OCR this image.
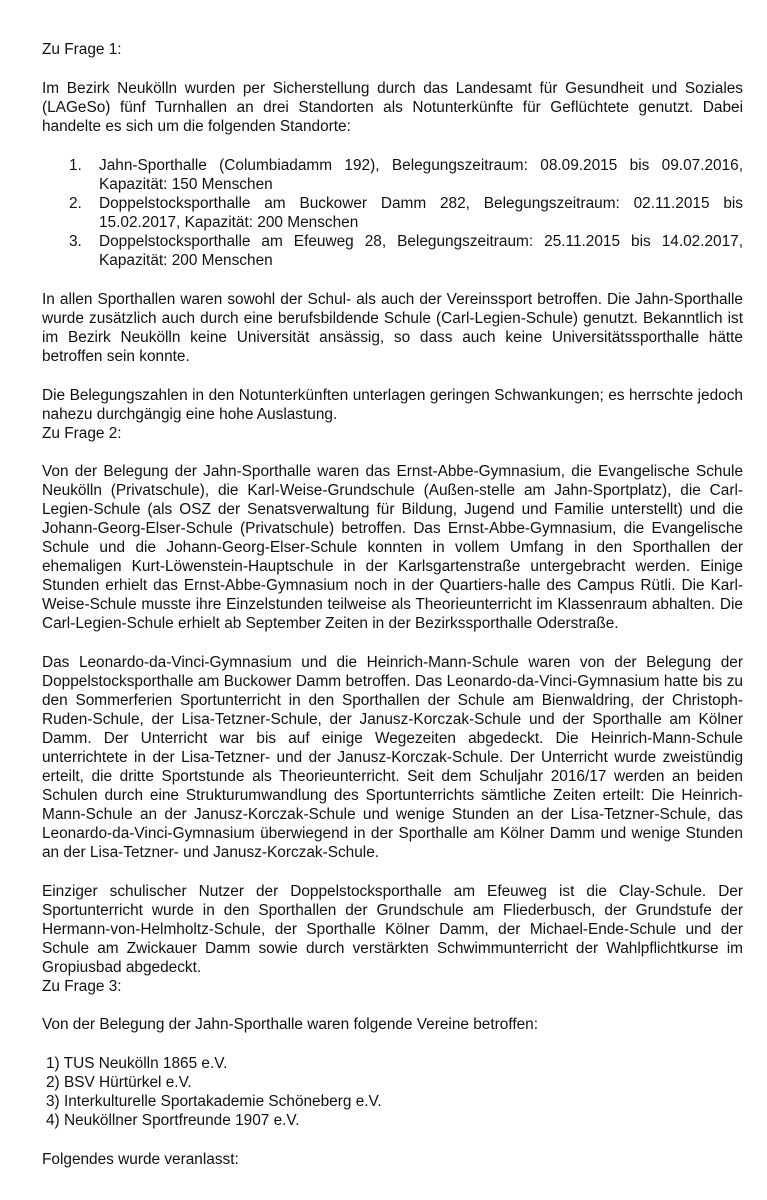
Zu Frage 1:

Im Bezirk Neukölln wurden per Sicherstellung durch das Landesamt für Gesundheit und Soziales (LAGeSo) fünf Turnhallen an drei Standorten als Notunterkünfte für Geflüchtete genutzt. Dabei handelte es sich um die folgenden Standorte:

1.	Jahn-Sporthalle (Columbiadamm 192), Belegungszeitraum: 08.09.2015 bis 09.07.2016, Kapazität: 150 Menschen
2.	Doppelstocksporthalle am Buckower Damm 282, Belegungszeitraum: 02.11.2015 bis 15.02.2017, Kapazität: 200 Menschen
3.	Doppelstocksporthalle am Efeuweg 28, Belegungszeitraum: 25.11.2015 bis 14.02.2017, Kapazität: 200 Menschen

In allen Sporthallen waren sowohl der Schul- als auch der Vereinssport betroffen. Die Jahn-Sporthalle wurde zusätzlich auch durch eine berufsbildende Schule (Carl-Legien-Schule) genutzt. Bekanntlich ist im Bezirk Neukölln keine Universität ansässig, so dass auch keine Universitätssporthalle hätte betroffen sein konnte.

Die Belegungszahlen in den Notunterkünften unterlagen geringen Schwankungen; es herrschte jedoch nahezu durchgängig eine hohe Auslastung.

Zu Frage 2:

Von der Belegung der Jahn-Sporthalle waren das Ernst-Abbe-Gymnasium, die Evangelische Schule Neukölln (Privatschule), die Karl-Weise-Grundschule (Außen-stelle am Jahn-Sportplatz), die Carl-Legien-Schule (als OSZ der Senatsverwaltung für Bildung, Jugend und Familie unterstellt) und die Johann-Georg-Elser-Schule (Privatschule) betroffen. Das Ernst-Abbe-Gymnasium, die Evangelische Schule und die Johann-Georg-Elser-Schule konnten in vollem Umfang in den Sporthallen der ehemaligen Kurt-Löwenstein-Hauptschule in der Karlsgartenstraße untergebracht werden. Einige Stunden erhielt das Ernst-Abbe-Gymnasium noch in der Quartiers-halle des Campus Rütli. Die Karl-Weise-Schule musste ihre Einzelstunden teilweise als Theorieunterricht im Klassenraum abhalten. Die Carl-Legien-Schule erhielt ab September Zeiten in der Bezirkssporthalle Oderstraße.

Das Leonardo-da-Vinci-Gymnasium und die Heinrich-Mann-Schule waren von der Belegung der Doppelstocksporthalle am Buckower Damm betroffen. Das Leonardo-da-Vinci-Gymnasium hatte bis zu den Sommerferien Sportunterricht in den Sporthallen der Schule am Bienwaldring, der Christoph-Ruden-Schule, der Lisa-Tetzner-Schule, der Janusz-Korczak-Schule und der Sporthalle am Kölner Damm. Der Unterricht war bis auf einige Wegezeiten abgedeckt. Die Heinrich-Mann-Schule unterrichtete in der Lisa-Tetzner- und der Janusz-Korczak-Schule. Der Unterricht wurde zweistündig erteilt, die dritte Sportstunde als Theorieunterricht. Seit dem Schuljahr 2016/17 werden an beiden Schulen durch eine Strukturumwandlung des Sportunterrichts sämtliche Zeiten erteilt: Die Heinrich-Mann-Schule an der Janusz-Korczak-Schule und wenige Stunden an der Lisa-Tetzner-Schule, das Leonardo-da-Vinci-Gymnasium überwiegend in der Sporthalle am Kölner Damm und wenige Stunden an der Lisa-Tetzner- und Janusz-Korczak-Schule.

Einziger schulischer Nutzer der Doppelstocksporthalle am Efeuweg ist die Clay-Schule. Der Sportunterricht wurde in den Sporthallen der Grundschule am Fliederbusch, der Grundstufe der Hermann-von-Helmholtz-Schule, der Sporthalle Kölner Damm, der Michael-Ende-Schule und der Schule am Zwickauer Damm sowie durch verstärkten Schwimmunterricht der Wahlpflichtkurse im Gropiusbad abgedeckt.

Zu Frage 3:

Von der Belegung der Jahn-Sporthalle waren folgende Vereine betroffen:

1) TUS Neukölln 1865 e.V.
2) BSV Hürtürkel e.V.
3) Interkulturelle Sportakademie Schöneberg e.V.
4) Neuköllner Sportfreunde 1907 e.V.

Folgendes wurde veranlasst:
